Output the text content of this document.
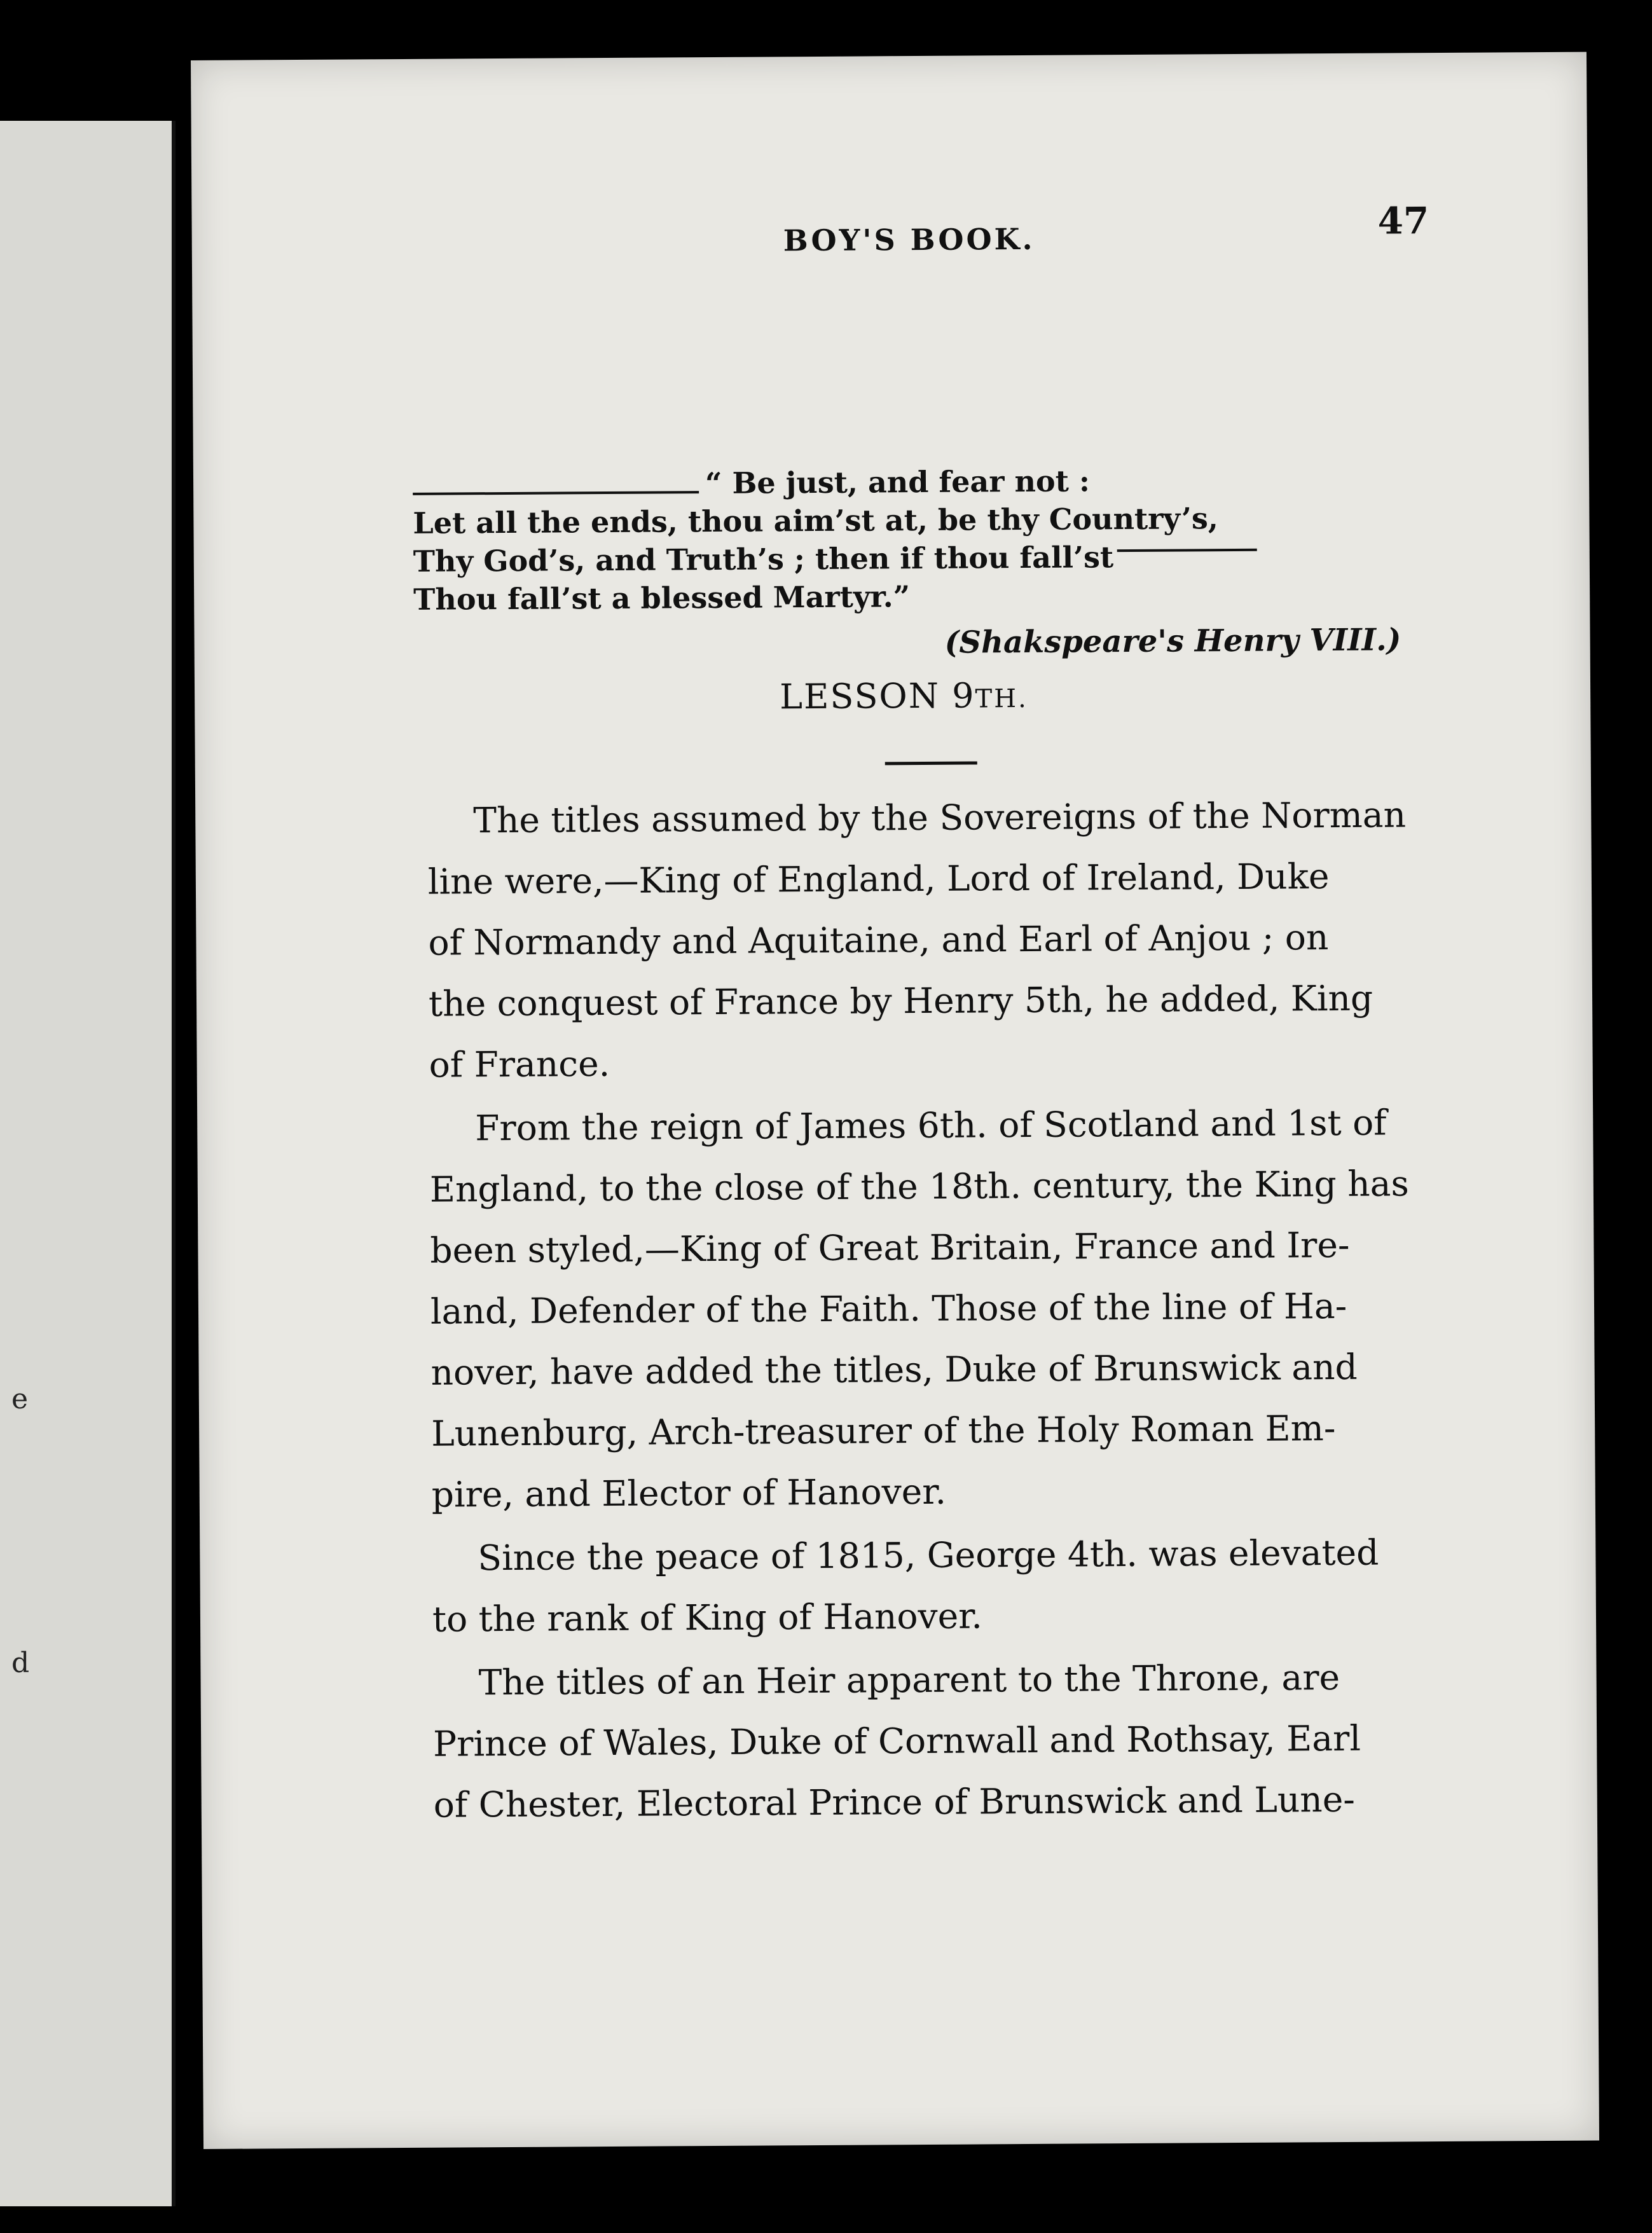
e
d
BOY'S BOOK.	47
“ Be just, and fear not :
Let all the ends, thou aim’st at, be thy Country’s,
Thy God’s, and Truth’s ; then if thou fall’st
Thou fall’st a blessed Martyr.”
(Shakspeare's Henry VIII.)
LESSON 9TH.
The titles assumed by the Sovereigns of the Norman
line were,—King of England, Lord of Ireland, Duke
of Normandy and Aquitaine, and Earl of Anjou ; on
the conquest of France by Henry 5th, he added, King
of France.
From the reign of James 6th. of Scotland and 1st of
England, to the close of the 18th. century, the King has
been styled,—King of Great Britain, France and Ire-
land, Defender of the Faith. Those of the line of Ha-
nover, have added the titles, Duke of Brunswick and
Lunenburg, Arch-treasurer of the Holy Roman Em-
pire, and Elector of Hanover.
Since the peace of 1815, George 4th. was elevated
to the rank of King of Hanover.
The titles of an Heir apparent to the Throne, are
Prince of Wales, Duke of Cornwall and Rothsay, Earl
of Chester, Electoral Prince of Brunswick and Lune-
